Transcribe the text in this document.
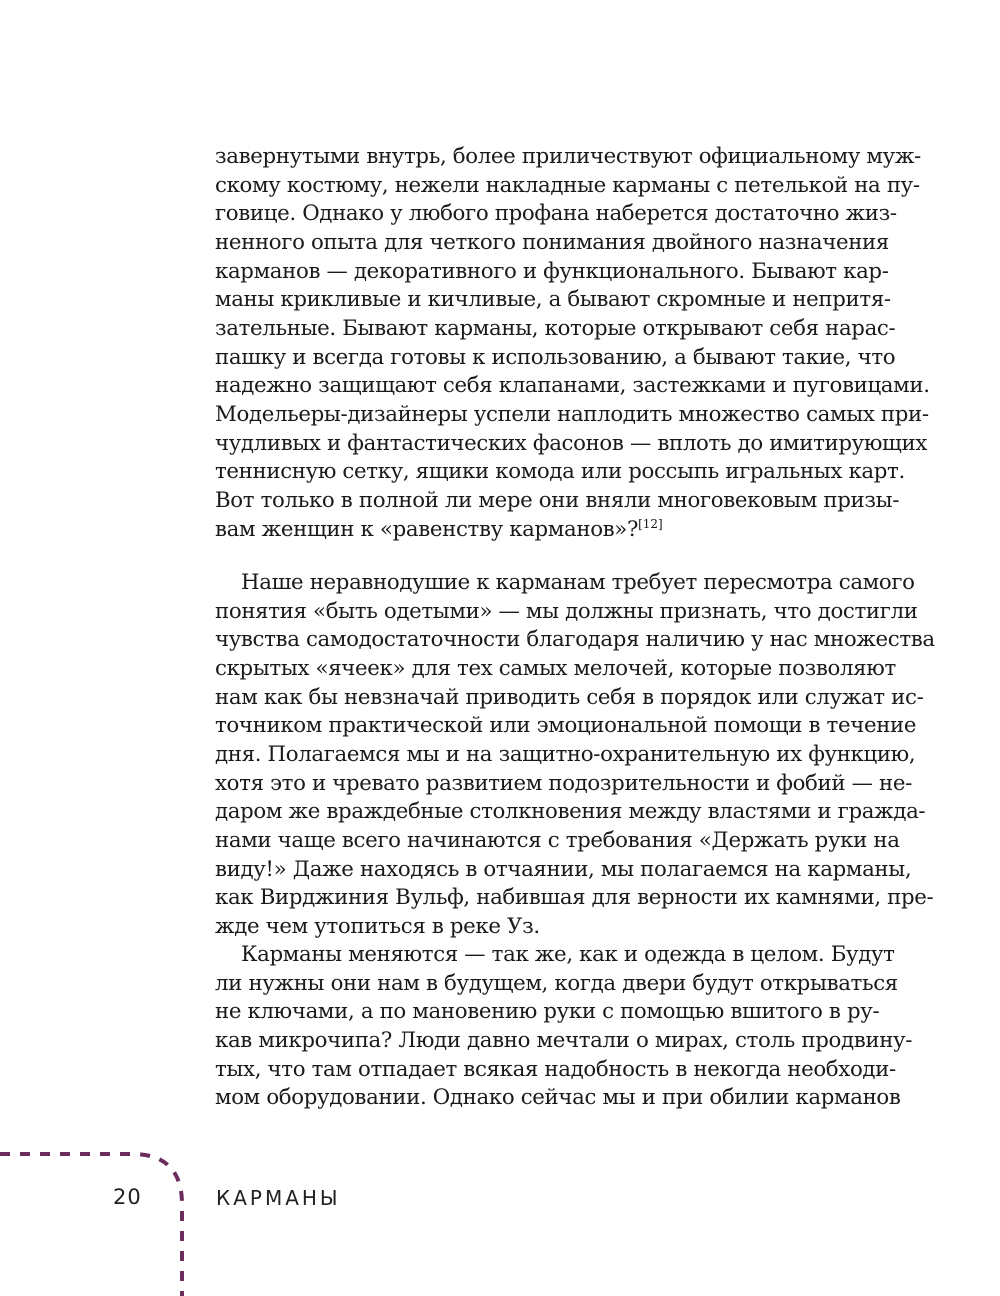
завернутыми внутрь, более приличествуют официальному муж-
скому костюму, нежели накладные карманы с петелькой на пу-
говице. Однако у любого профана наберется достаточно жиз-
ненного опыта для четкого понимания двойного назначения
карманов — декоративного и функционального. Бывают кар-
маны крикливые и кичливые, а бывают скромные и непритя-
зательные. Бывают карманы, которые открывают себя нарас-
пашку и всегда готовы к использованию, а бывают такие, что
надежно защищают себя клапанами, застежками и пуговицами.
Модельеры-дизайнеры успели наплодить множество самых при-
чудливых и фантастических фасонов — вплоть до имитирующих
теннисную сетку, ящики комода или россыпь игральных карт.
Вот только в полной ли мере они вняли многовековым призы-
вам женщин к «равенству карманов»?[12]
Наше неравнодушие к карманам требует пересмотра самого
понятия «быть одетыми» — мы должны признать, что достигли
чувства самодостаточности благодаря наличию у нас множества
скрытых «ячеек» для тех самых мелочей, которые позволяют
нам как бы невзначай приводить себя в порядок или служат ис-
точником практической или эмоциональной помощи в течение
дня. Полагаемся мы и на защитно-охранительную их функцию,
хотя это и чревато развитием подозрительности и фобий — не-
даром же враждебные столкновения между властями и гражда-
нами чаще всего начинаются с требования «Держать руки на
виду!» Даже находясь в отчаянии, мы полагаемся на карманы,
как Вирджиния Вульф, набившая для верности их камнями, пре-
жде чем утопиться в реке Уз.
Карманы меняются — так же, как и одежда в целом. Будут
ли нужны они нам в будущем, когда двери будут открываться
не ключами, а по мановению руки с помощью вшитого в ру-
кав микрочипа? Люди давно мечтали о мирах, столь продвину-
тых, что там отпадает всякая надобность в некогда необходи-
мом оборудовании. Однако сейчас мы и при обилии карманов
20	КАРМАНЫ
